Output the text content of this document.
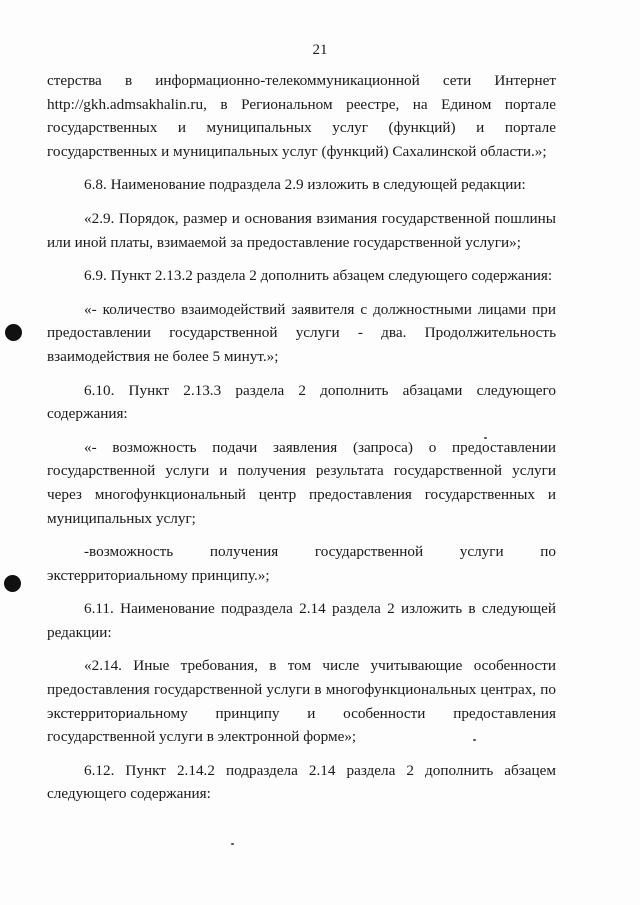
21

стерства в информационно-телекоммуникационной сети Интернет http://gkh.admsakhalin.ru, в Региональном реестре, на Едином портале государственных и муниципальных услуг (функций) и портале государственных и муниципальных услуг (функций) Сахалинской области.»;

6.8. Наименование подраздела 2.9 изложить в следующей редакции:

«2.9. Порядок, размер и основания взимания государственной пошлины или иной платы, взимаемой за предоставление государственной услуги»;

6.9. Пункт 2.13.2 раздела 2 дополнить абзацем следующего содержания:

«- количество взаимодействий заявителя с должностными лицами при предоставлении государственной услуги - два. Продолжительность взаимодействия не более 5 минут.»;

6.10. Пункт 2.13.3 раздела 2 дополнить абзацами следующего содержания:

«- возможность подачи заявления (запроса) о предоставлении государственной услуги и получения результата государственной услуги через многофункциональный центр предоставления государственных и муниципальных услуг;

-возможность получения государственной услуги по экстерриториальному принципу.»;

6.11. Наименование подраздела 2.14 раздела 2 изложить в следующей редакции:

«2.14. Иные требования, в том числе учитывающие особенности предоставления государственной услуги в многофункциональных центрах, по экстерриториальному принципу и особенности предоставления государственной услуги в электронной форме»;

6.12. Пункт 2.14.2 подраздела 2.14 раздела 2 дополнить абзацем следующего содержания:
